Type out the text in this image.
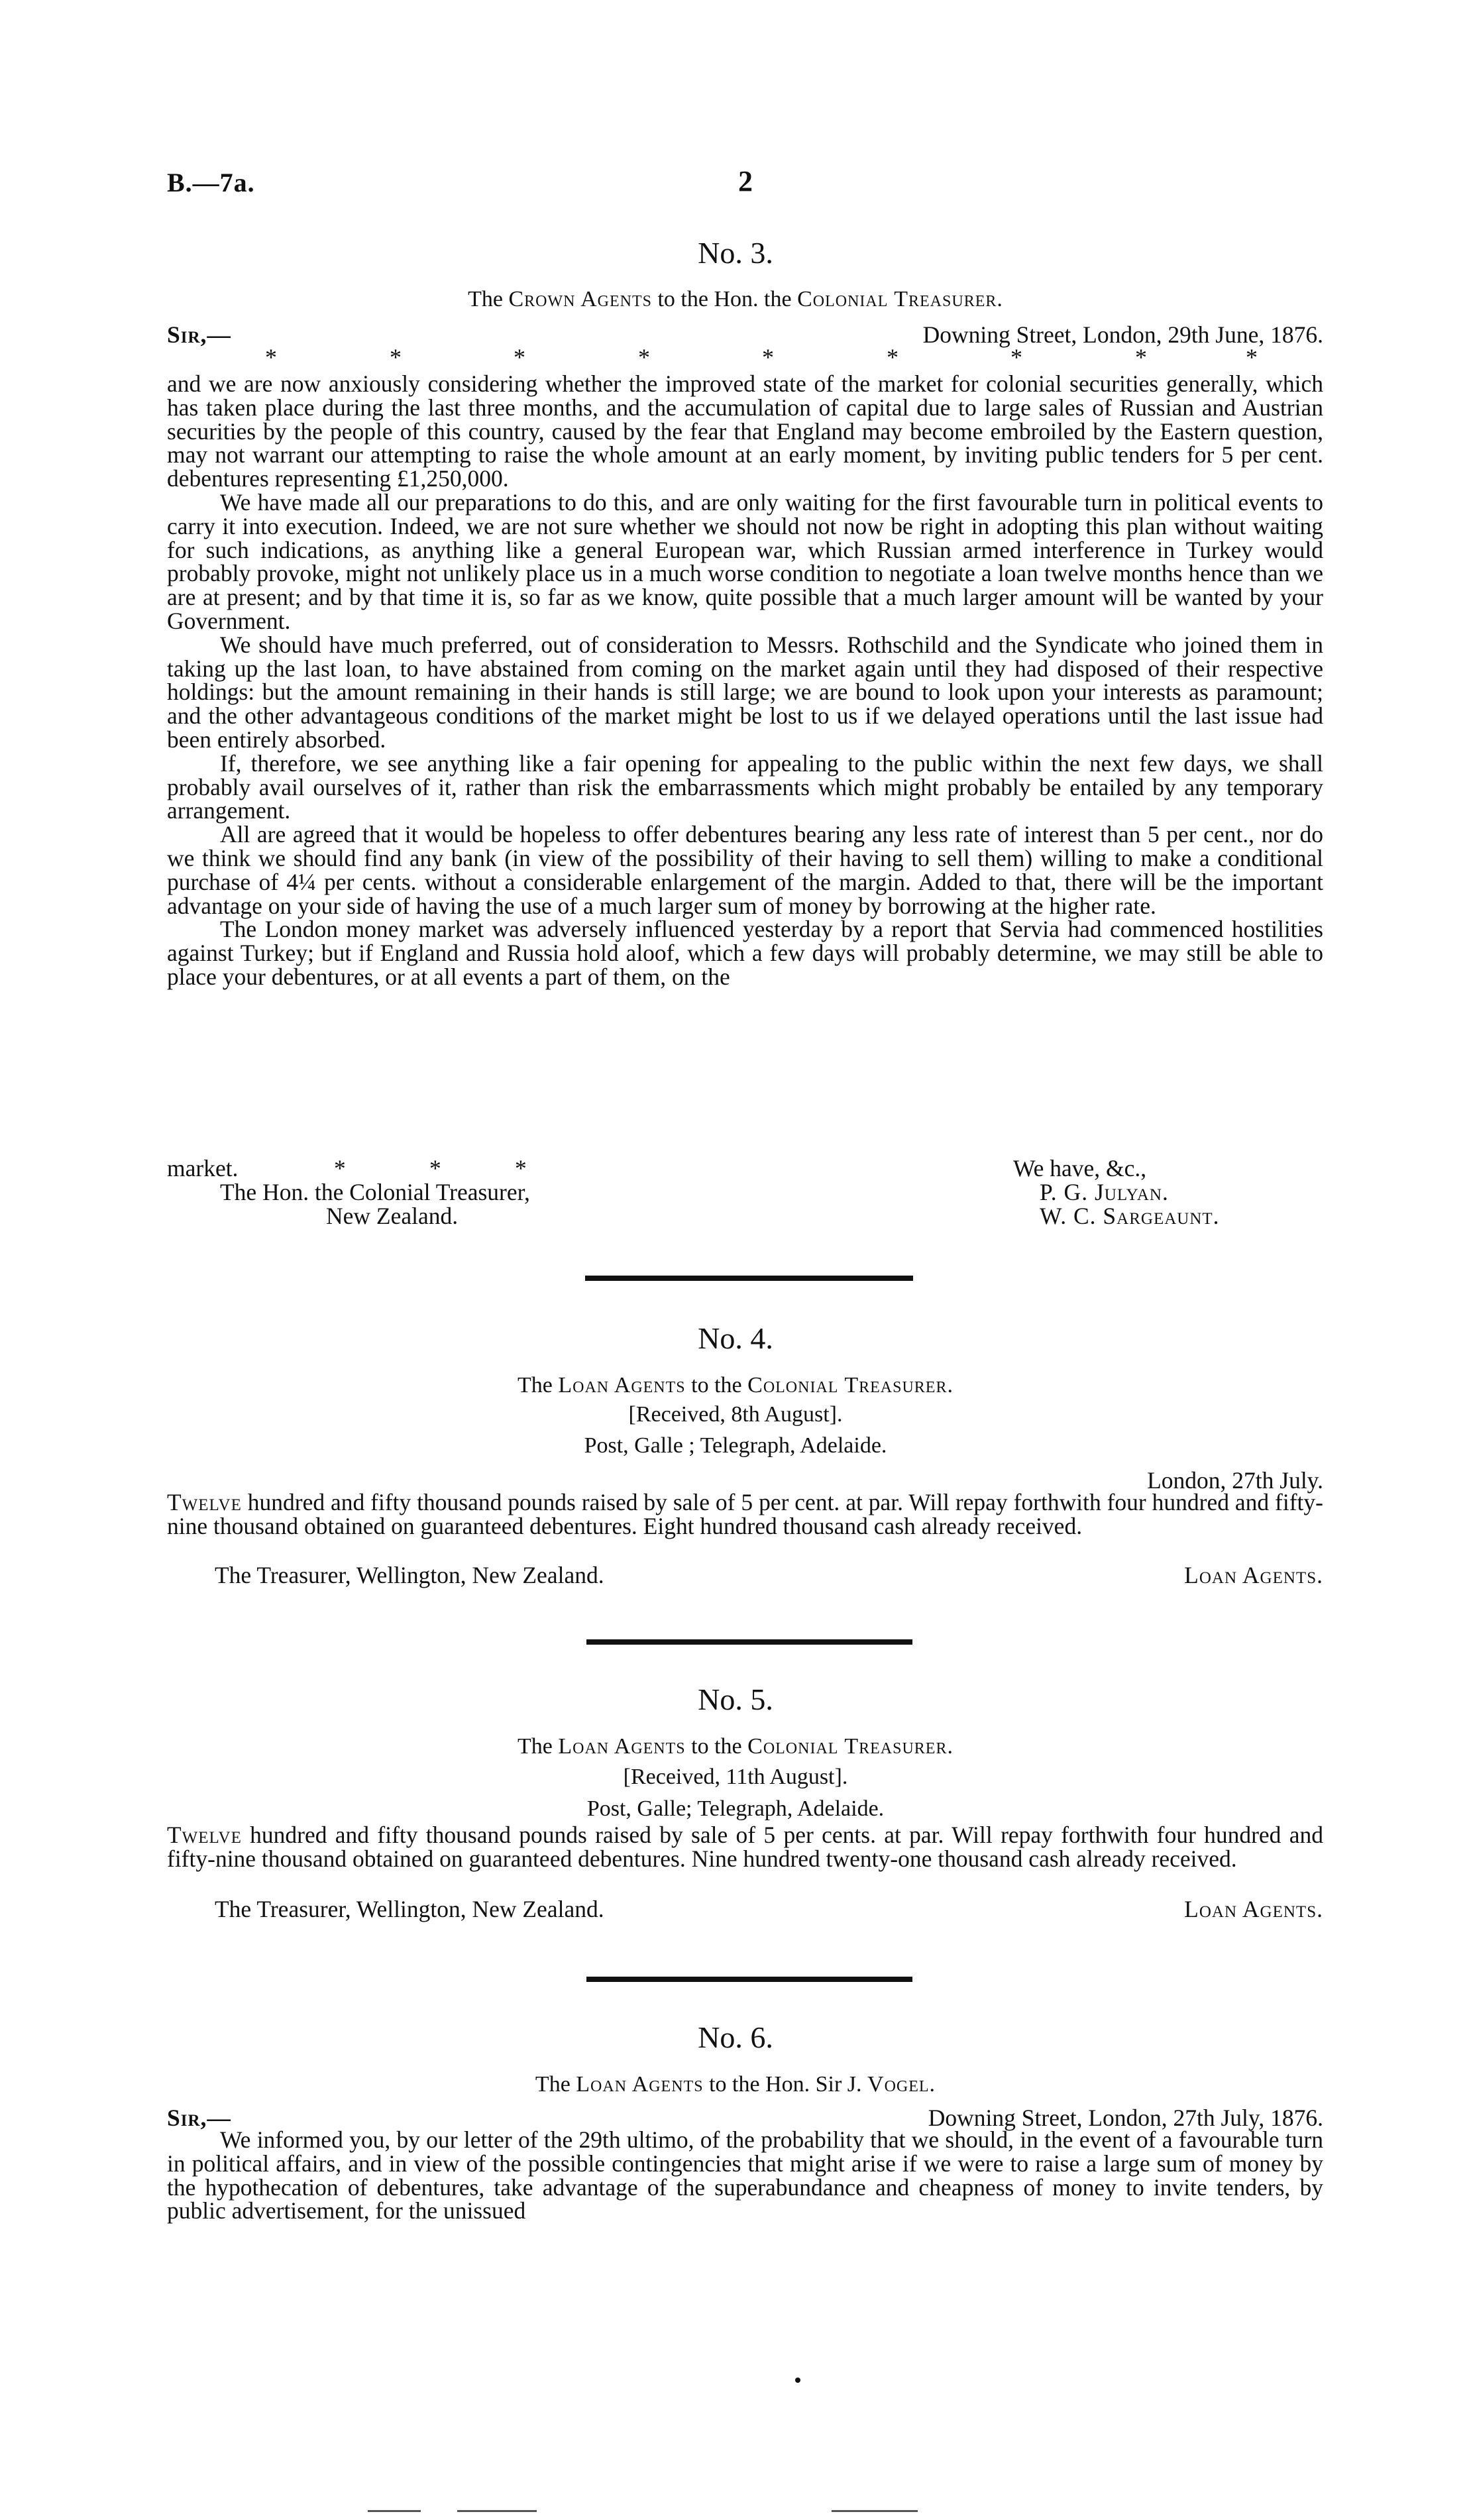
B.—7a.	2
No. 3.
The Crown Agents to the Hon. the Colonial Treasurer.
Sir,—	Downing Street, London, 29th June, 1876.
*	*	*	*	*	*	*	*	*

and we are now anxiously considering whether the improved state of the market for colonial securities generally, which has taken place during the last three months, and the accumulation of capital due to large sales of Russian and Austrian securities by the people of this country, caused by the fear that England may become embroiled by the Eastern question, may not warrant our attempting to raise the whole amount at an early moment, by inviting public tenders for 5 per cent. debentures representing £1,250,000.

We have made all our preparations to do this, and are only waiting for the first favourable turn in political events to carry it into execution. Indeed, we are not sure whether we should not now be right in adopting this plan without waiting for such indications, as anything like a general European war, which Russian armed interference in Turkey would probably provoke, might not unlikely place us in a much worse condition to negotiate a loan twelve months hence than we are at present; and by that time it is, so far as we know, quite possible that a much larger amount will be wanted by your Government.

We should have much preferred, out of consideration to Messrs. Rothschild and the Syndicate who joined them in taking up the last loan, to have abstained from coming on the market again until they had disposed of their respective holdings: but the amount remaining in their hands is still large; we are bound to look upon your interests as paramount; and the other advantageous conditions of the market might be lost to us if we delayed operations until the last issue had been entirely absorbed.

If, therefore, we see anything like a fair opening for appealing to the public within the next few days, we shall probably avail ourselves of it, rather than risk the embarrassments which might probably be entailed by any temporary arrangement.

All are agreed that it would be hopeless to offer debentures bearing any less rate of interest than 5 per cent., nor do we think we should find any bank (in view of the possibility of their having to sell them) willing to make a conditional purchase of 4¼ per cents. without a considerable enlargement of the margin. Added to that, there will be the important advantage on your side of having the use of a much larger sum of money by borrowing at the higher rate.

The London money market was adversely influenced yesterday by a report that Servia had commenced hostilities against Turkey; but if England and Russia hold aloof, which a few days will probably determine, we may still be able to place your debentures, or at all events a part of them, on the

market.	*	*	*	We have, &c.,
The Hon. the Colonial Treasurer,	P. G. Julyan.
New Zealand.	W. C. Sargeaunt.
No. 4.
The Loan Agents to the Colonial Treasurer.
[Received, 8th August].
Post, Galle ; Telegraph, Adelaide.
London, 27th July.

Twelve hundred and fifty thousand pounds raised by sale of 5 per cent. at par. Will repay forthwith four hundred and fifty-nine thousand obtained on guaranteed debentures. Eight hundred thousand cash already received.

The Treasurer, Wellington, New Zealand.	Loan Agents.
No. 5.
The Loan Agents to the Colonial Treasurer.
[Received, 11th August].
Post, Galle; Telegraph, Adelaide.

Twelve hundred and fifty thousand pounds raised by sale of 5 per cents. at par. Will repay forthwith four hundred and fifty-nine thousand obtained on guaranteed debentures. Nine hundred twenty-one thousand cash already received.

The Treasurer, Wellington, New Zealand.	Loan Agents.
No. 6.
The Loan Agents to the Hon. Sir J. Vogel.
Sir,—	Downing Street, London, 27th July, 1876.

We informed you, by our letter of the 29th ultimo, of the probability that we should, in the event of a favourable turn in political affairs, and in view of the possible contingencies that might arise if we were to raise a large sum of money by the hypothecation of debentures, take advantage of the superabundance and cheapness of money to invite tenders, by public advertisement, for the unissued
